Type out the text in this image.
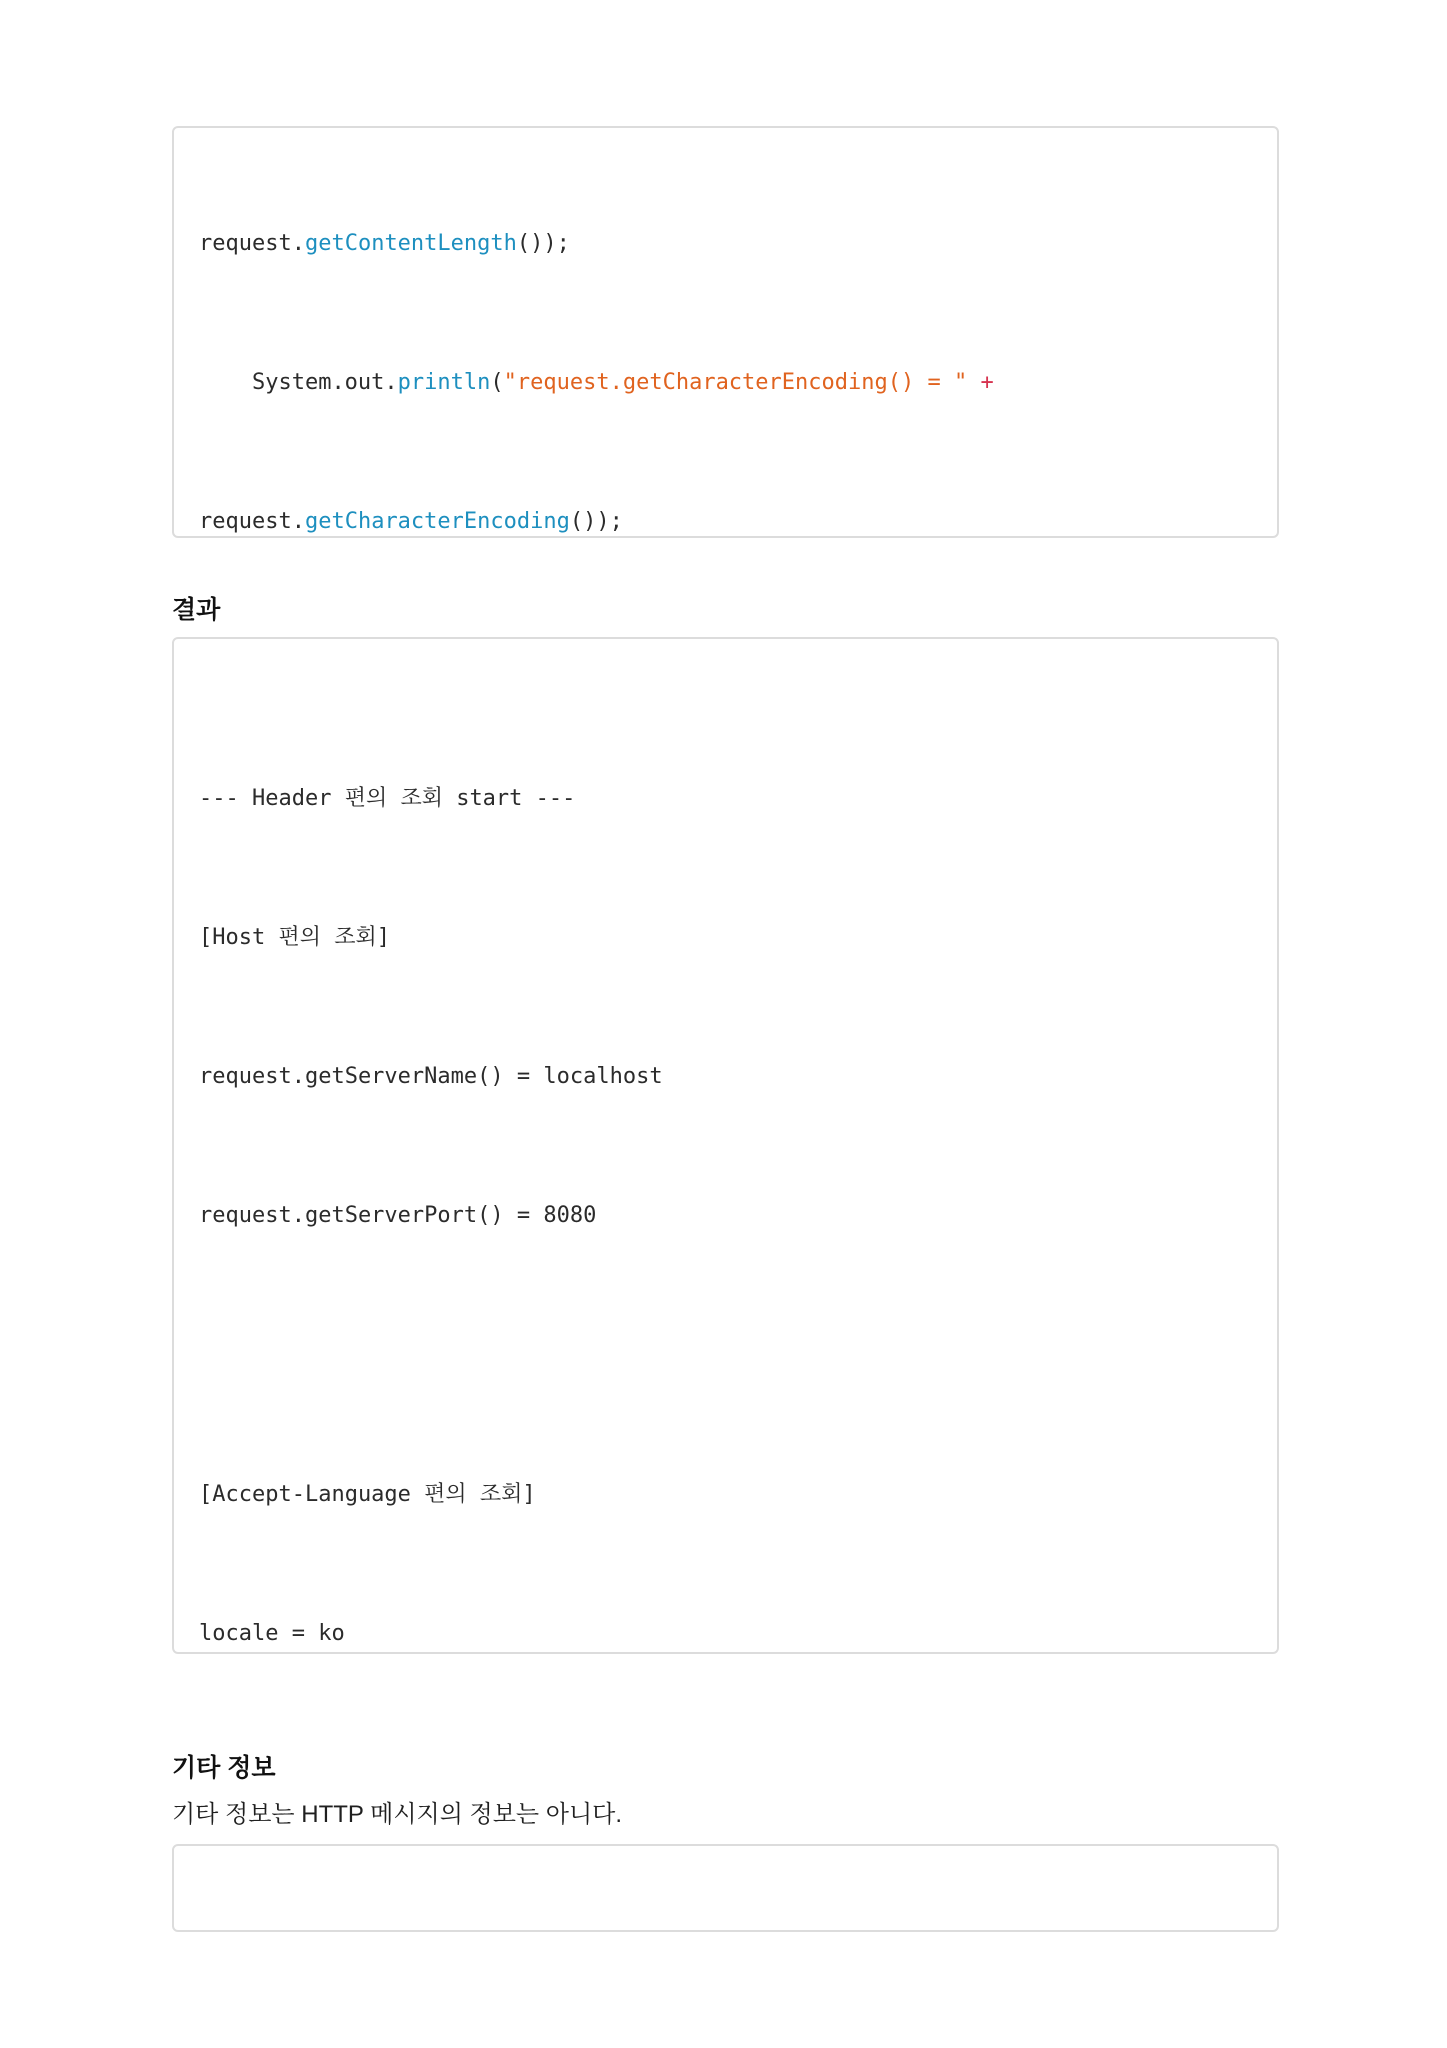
request.getContentLength());

System.out.println("request.getCharacterEncoding() = " +

request.getCharacterEncoding());

결과

--- Header 편의 조회 start ---

[Host 편의 조회]

request.getServerName() = localhost

request.getServerPort() = 8080

[Accept-Language 편의 조회]

locale = ko

기타 정보
기타 정보는 HTTP 메시지의 정보는 아니다.
